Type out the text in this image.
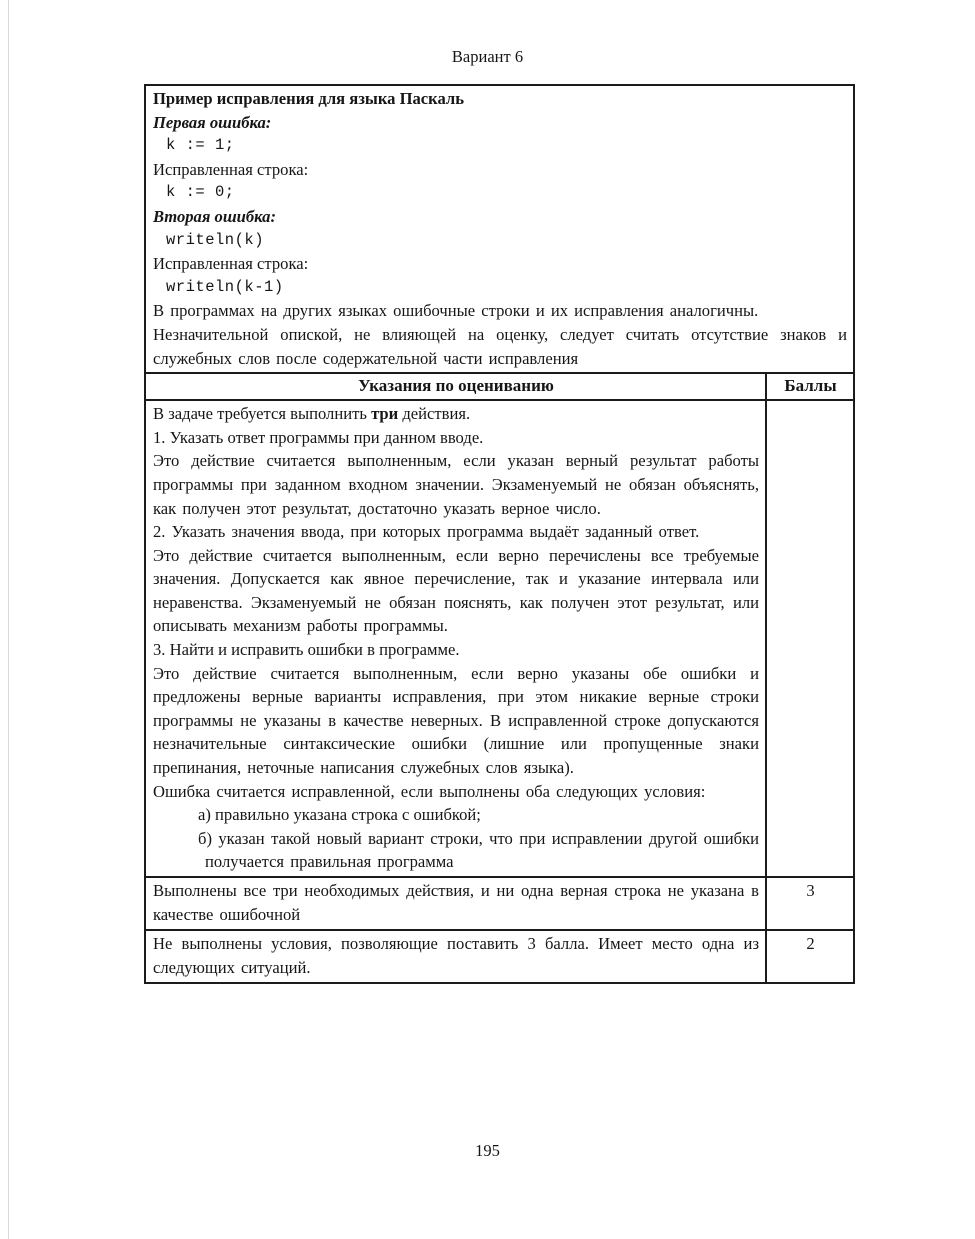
Вариант 6

Пример исправления для языка Паскаль

Первая ошибка:

k := 1;

Исправленная строка:

k := 0;

Вторая ошибка:

writeln(k)

Исправленная строка:

writeln(k-1)

В программах на других языках ошибочные строки и их исправления аналогичны.

Незначительной опиской, не влияющей на оценку, следует считать отсутствие знаков и служебных слов после содержательной части исправления

Указания по оцениванию	Баллы

В задаче требуется выполнить три действия.

1. Указать ответ программы при данном вводе.

Это действие считается выполненным, если указан верный результат работы программы при заданном входном значении. Экзаменуемый не обязан объяснять, как получен этот результат, достаточно указать верное число.

2. Указать значения ввода, при которых программа выдаёт заданный ответ.

Это действие считается выполненным, если верно перечислены все требуемые значения. Допускается как явное перечисление, так и указание интервала или неравенства. Экзаменуемый не обязан пояснять, как получен этот результат, или описывать механизм работы программы.

3. Найти и исправить ошибки в программе.

Это действие считается выполненным, если верно указаны обе ошибки и предложены верные варианты исправления, при этом никакие верные строки программы не указаны в качестве неверных. В исправленной строке допускаются незначительные синтаксические ошибки (лишние или пропущенные знаки препинания, неточные написания служебных слов языка).

Ошибка считается исправленной, если выполнены оба следующих условия:

а) правильно указана строка с ошибкой;

б) указан такой новый вариант строки, что при исправлении другой ошибки получается правильная программа

Выполнены все три необходимых действия, и ни одна верная строка не указана в качестве ошибочной	3

Не выполнены условия, позволяющие поставить 3 балла. Имеет место одна из следующих ситуаций.	2
195
